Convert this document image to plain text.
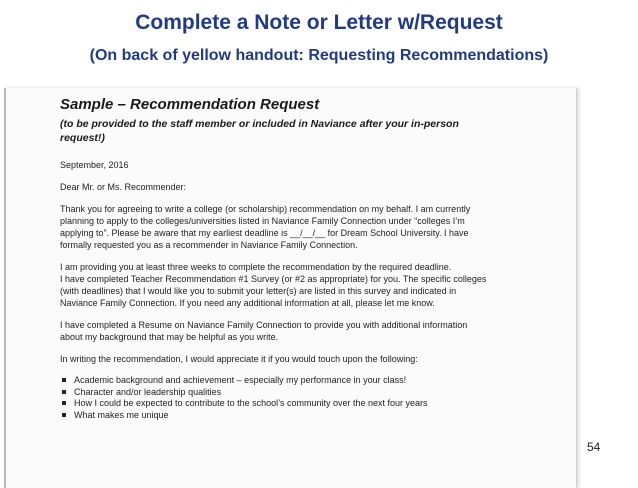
Complete a Note or Letter w/Request
(On back of yellow handout: Requesting Recommendations)
Sample – Recommendation Request
(to be provided to the staff member or included in Naviance after your in-person
request!)
September, 2016
Dear Mr. or Ms. Recommender:
Thank you for agreeing to write a college (or scholarship) recommendation on my behalf. I am currently
planning to apply to the colleges/universities listed in Naviance Family Connection under “colleges I’m
applying to”. Please be aware that my earliest deadline is __/__/__ for Dream School University. I have
formally requested you as a recommender in Naviance Family Connection.
I am providing you at least three weeks to complete the recommendation by the required deadline.
I have completed Teacher Recommendation #1 Survey (or #2 as appropriate) for you. The specific colleges
(with deadlines) that I would like you to submit your letter(s) are listed in this survey and indicated in
Naviance Family Connection. If you need any additional information at all, please let me know.
I have completed a Resume on Naviance Family Connection to provide you with additional information
about my background that may be helpful as you write.
In writing the recommendation, I would appreciate it if you would touch upon the following:
Academic background and achievement – especially my performance in your class!
Character and/or leadership qualities
How I could be expected to contribute to the school’s community over the next four years
What makes me unique
54
